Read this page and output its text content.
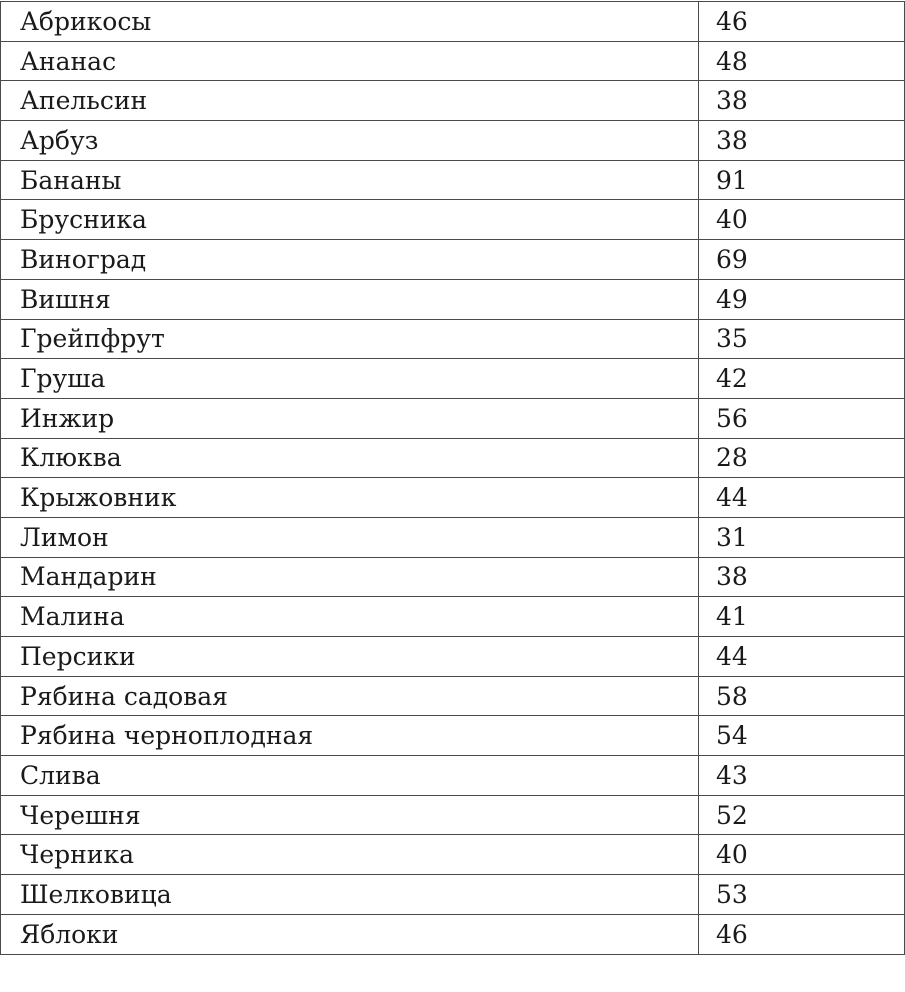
Абрикосы	46
Ананас	48
Апельсин	38
Арбуз	38
Бананы	91
Брусника	40
Виноград	69
Вишня	49
Грейпфрут	35
Груша	42
Инжир	56
Клюква	28
Крыжовник	44
Лимон	31
Мандарин	38
Малина	41
Персики	44
Рябина садовая	58
Рябина черноплодная	54
Слива	43
Черешня	52
Черника	40
Шелковица	53
Яблоки	46
